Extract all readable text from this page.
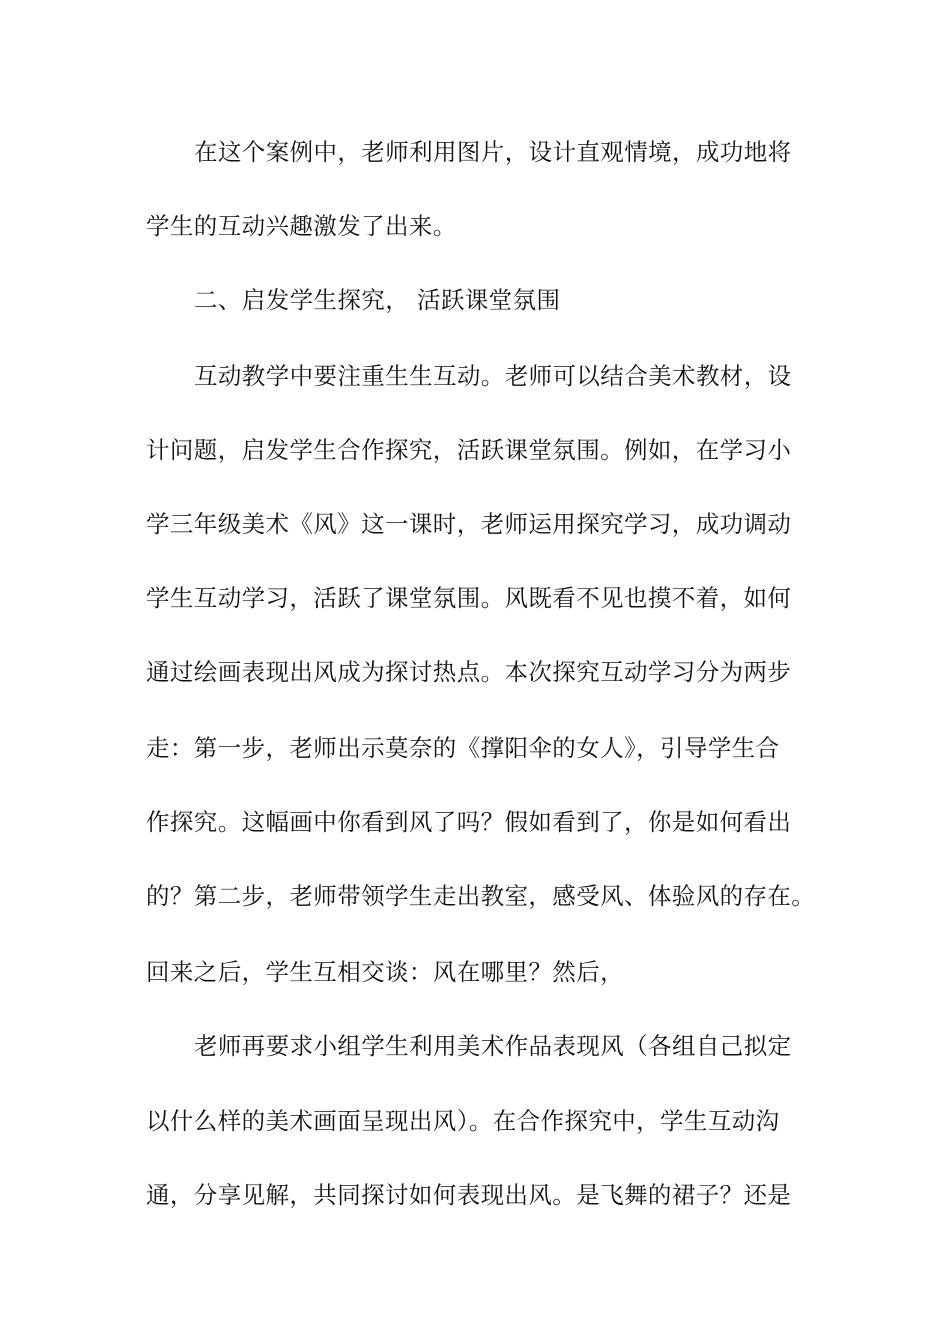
在这个案例中，老师利用图片，设计直观情境，成功地将
学生的互动兴趣激发了出来。
二、启发学生探究， 活跃课堂氛围
互动教学中要注重生生互动。老师可以结合美术教材，设
计问题，启发学生合作探究，活跃课堂氛围。例如，在学习小
学三年级美术《风》这一课时，老师运用探究学习，成功调动
学生互动学习，活跃了课堂氛围。风既看不见也摸不着，如何
通过绘画表现出风成为探讨热点。本次探究互动学习分为两步
走：第一步，老师出示莫奈的《撑阳伞的女人》，引导学生合
作探究。这幅画中你看到风了吗？假如看到了，你是如何看出
的？第二步，老师带领学生走出教室，感受风、体验风的存在。
回来之后，学生互相交谈：风在哪里？然后，
老师再要求小组学生利用美术作品表现风（各组自己拟定
以什么样的美术画面呈现出风）。在合作探究中，学生互动沟
通，分享见解，共同探讨如何表现出风。是飞舞的裙子？还是
